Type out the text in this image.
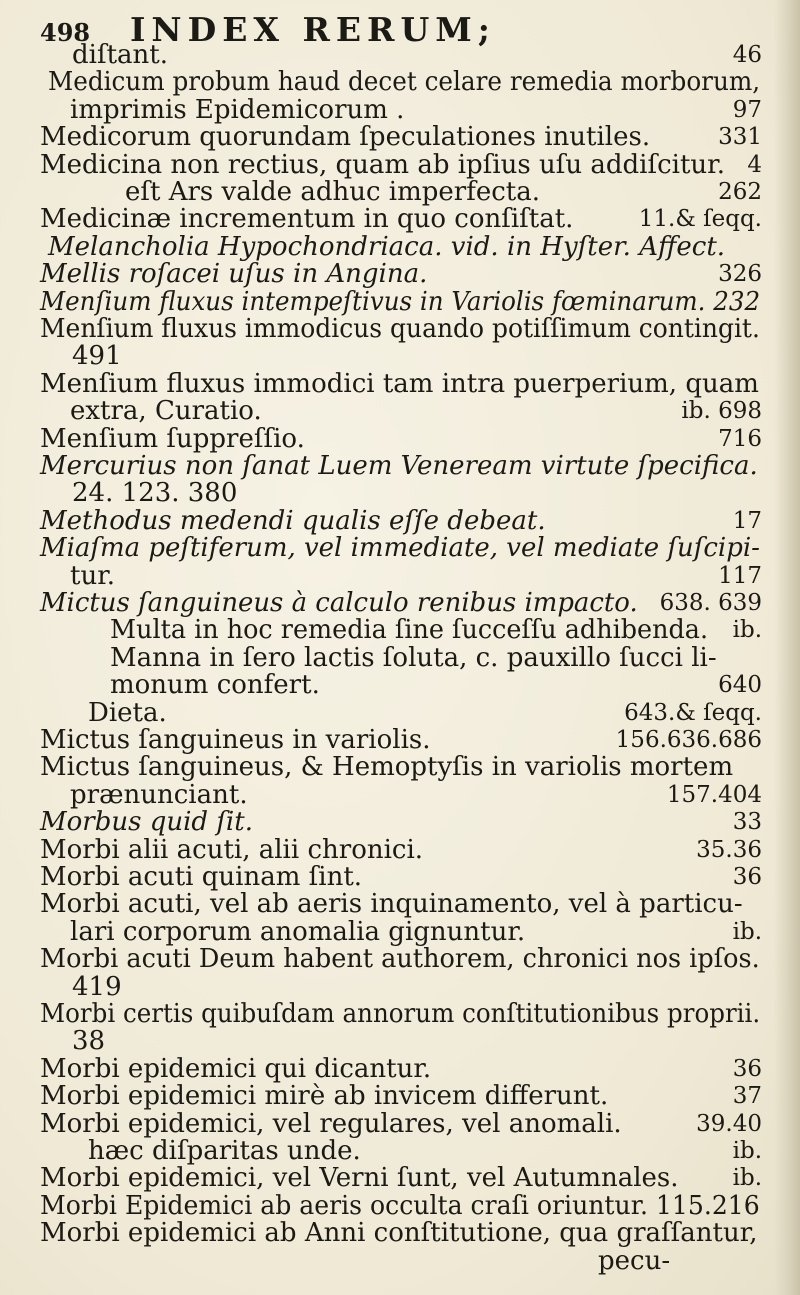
498	INDEX RERUM;
diſtant.	46
Medicum probum haud decet celare remedia morborum,
imprimis Epidemicorum .	97
Medicorum quorundam ſpeculationes inutiles.	331
Medicina non rectius, quam ab ipſius uſu addiſcitur. 4
eſt Ars valde adhuc imperfecta.	262
Medicinæ incrementum in quo conſiſtat.	11.& ſeqq.
Melancholia Hypochondriaca. vid. in Hyſter. Affect.
Mellis roſacei uſus in Angina.	326
Menſium fluxus intempeſtivus in Variolis fœminarum. 232
Menſium fluxus immodicus quando potiſſimum contingit.
491
Menſium fluxus immodici tam intra puerperium, quam
extra, Curatio.	ib. 698
Menſium ſuppreſſio.	716
Mercurius non ſanat Luem Veneream virtute ſpecifica.
24. 123. 380
Methodus medendi qualis eſſe debeat.	17
Miaſma peſtiferum, vel immediate, vel mediate ſuſcipi-
tur.	117
Mictus ſanguineus à calculo renibus impacto. 638. 639
Multa in hoc remedia ſine ſucceſſu adhibenda. ib.
Manna in ſero lactis ſoluta, c. pauxillo ſucci li-
monum confert.	640
Dieta.	643.& ſeqq.
Mictus ſanguineus in variolis.	156.636.686
Mictus ſanguineus, & Hemoptyſis in variolis mortem
prænunciant.	157.404
Morbus quid ſit.	33
Morbi alii acuti, alii chronici.	35.36
Morbi acuti quinam ſint.	36
Morbi acuti, vel ab aeris inquinamento, vel à particu-
lari corporum anomalia gignuntur.	ib.
Morbi acuti Deum habent authorem, chronici nos ipſos.
419
Morbi certis quibuſdam annorum conſtitutionibus proprii.
38
Morbi epidemici qui dicantur.	36
Morbi epidemici mirè ab invicem differunt.	37
Morbi epidemici, vel regulares, vel anomali.	39.40
hæc diſparitas unde.	ib.
Morbi epidemici, vel Verni ſunt, vel Autumnales. ib.
Morbi Epidemici ab aeris occulta craſi oriuntur. 115.216
Morbi epidemici ab Anni conſtitutione, qua graſſantur,
pecu-
